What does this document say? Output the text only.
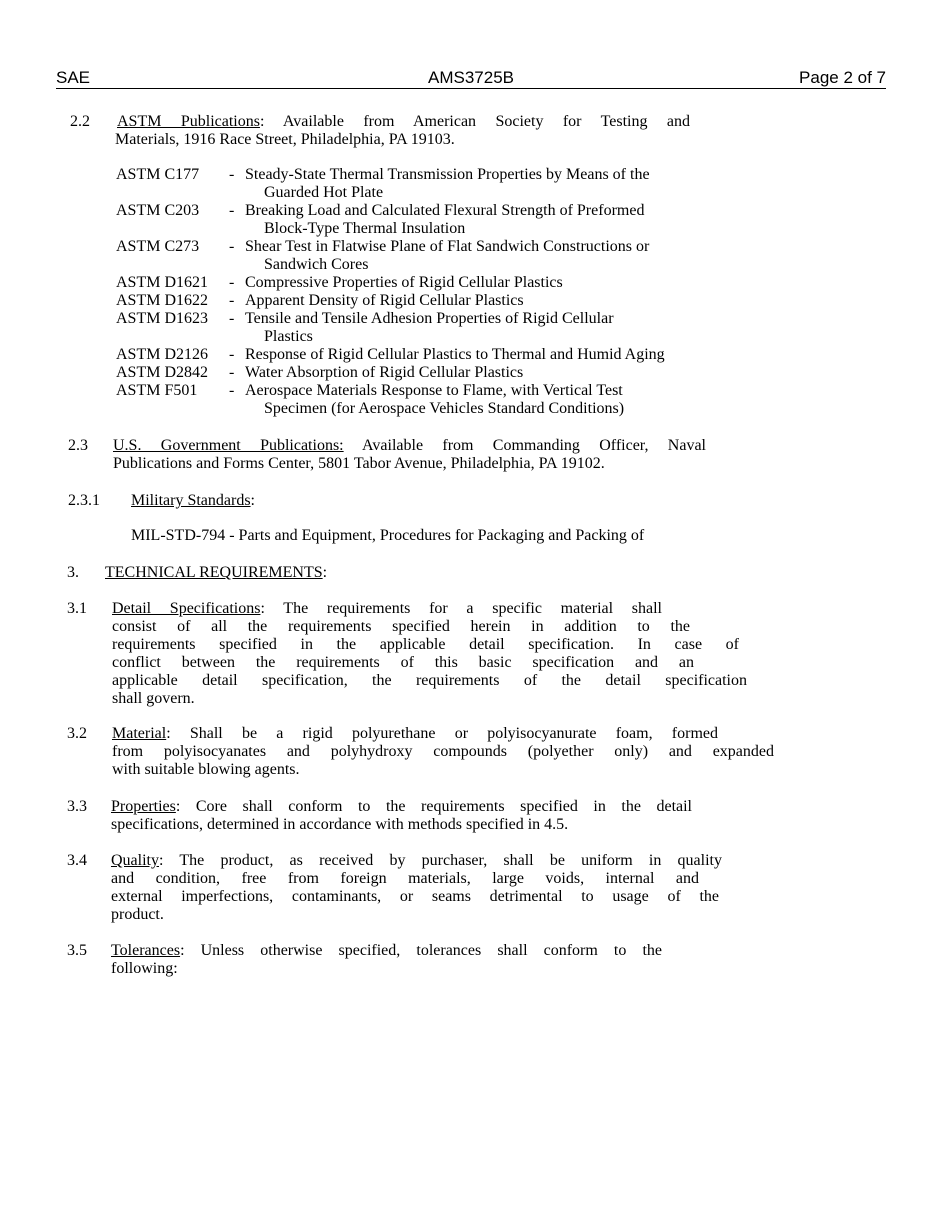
SAE	AMS3725B	Page 2 of 7
2.2 ASTM Publications: Available from American Society for Testing and
Materials, 1916 Race Street, Philadelphia, PA 19103.
ASTM C177 - Steady-State Thermal Transmission Properties by Means of the
Guarded Hot Plate
ASTM C203 - Breaking Load and Calculated Flexural Strength of Preformed
Block-Type Thermal Insulation
ASTM C273 - Shear Test in Flatwise Plane of Flat Sandwich Constructions or
Sandwich Cores
ASTM D1621 - Compressive Properties of Rigid Cellular Plastics
ASTM D1622 - Apparent Density of Rigid Cellular Plastics
ASTM D1623 - Tensile and Tensile Adhesion Properties of Rigid Cellular
Plastics
ASTM D2126 - Response of Rigid Cellular Plastics to Thermal and Humid Aging
ASTM D2842 - Water Absorption of Rigid Cellular Plastics
ASTM F501 - Aerospace Materials Response to Flame, with Vertical Test
Specimen (for Aerospace Vehicles Standard Conditions)
2.3 U.S. Government Publications: Available from Commanding Officer, Naval
Publications and Forms Center, 5801 Tabor Avenue, Philadelphia, PA 19102.
2.3.1 Military Standards:
MIL-STD-794 - Parts and Equipment, Procedures for Packaging and Packing of
3. TECHNICAL REQUIREMENTS:
3.1 Detail Specifications: The requirements for a specific material shall
consist of all the requirements specified herein in addition to the
requirements specified in the applicable detail specification. In case of
conflict between the requirements of this basic specification and an
applicable detail specification, the requirements of the detail specification
shall govern.
3.2 Material: Shall be a rigid polyurethane or polyisocyanurate foam, formed
from polyisocyanates and polyhydroxy compounds (polyether only) and expanded
with suitable blowing agents.
3.3 Properties: Core shall conform to the requirements specified in the detail
specifications, determined in accordance with methods specified in 4.5.
3.4 Quality: The product, as received by purchaser, shall be uniform in quality
and condition, free from foreign materials, large voids, internal and
external imperfections, contaminants, or seams detrimental to usage of the
product.
3.5 Tolerances: Unless otherwise specified, tolerances shall conform to the
following:
